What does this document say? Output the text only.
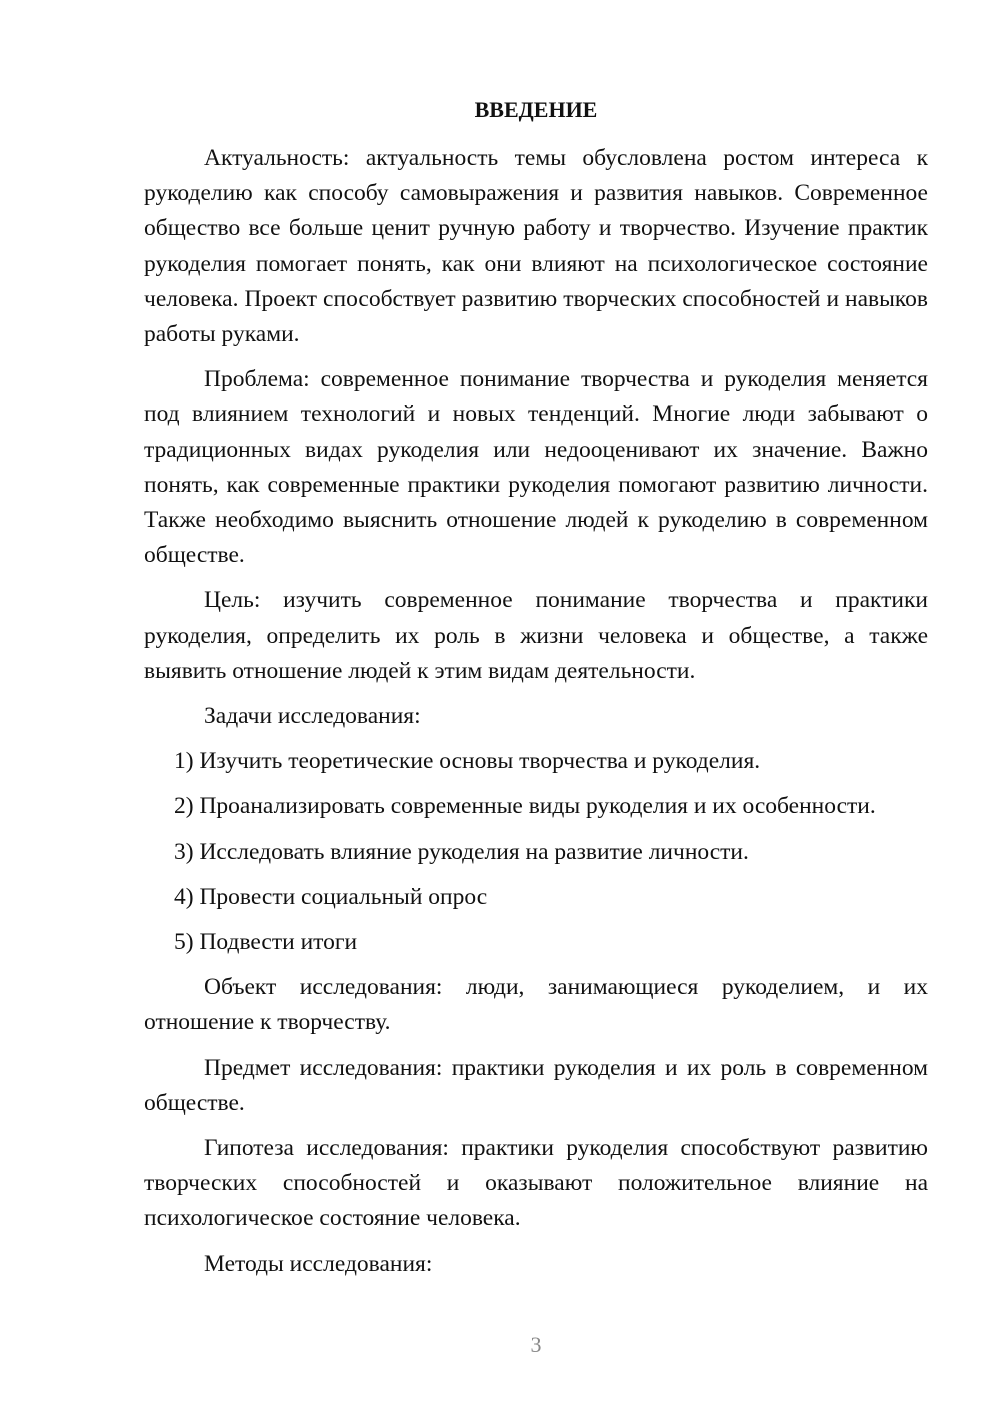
ВВЕДЕНИЕ

Актуальность: актуальность темы обусловлена ростом интереса к рукоделию как способу самовыражения и развития навыков. Современное общество все больше ценит ручную работу и творчество. Изучение практик рукоделия помогает понять, как они влияют на психологическое состояние человека. Проект способствует развитию творческих способностей и навыков работы руками.

Проблема: современное понимание творчества и рукоделия меняется под влиянием технологий и новых тенденций. Многие люди забывают о традиционных видах рукоделия или недооценивают их значение. Важно понять, как современные практики рукоделия помогают развитию личности. Также необходимо выяснить отношение людей к рукоделию в современном обществе.

Цель: изучить современное понимание творчества и практики рукоделия, определить их роль в жизни человека и обществе, а также выявить отношение людей к этим видам деятельности.

Задачи исследования:

1) Изучить теоретические основы творчества и рукоделия.

2) Проанализировать современные виды рукоделия и их особенности.

3) Исследовать влияние рукоделия на развитие личности.

4) Провести социальный опрос

5) Подвести итоги

Объект исследования: люди, занимающиеся рукоделием, и их отношение к творчеству.

Предмет исследования: практики рукоделия и их роль в современном обществе.

Гипотеза исследования: практики рукоделия способствуют развитию творческих способностей и оказывают положительное влияние на психологическое состояние человека.

Методы исследования:

3
